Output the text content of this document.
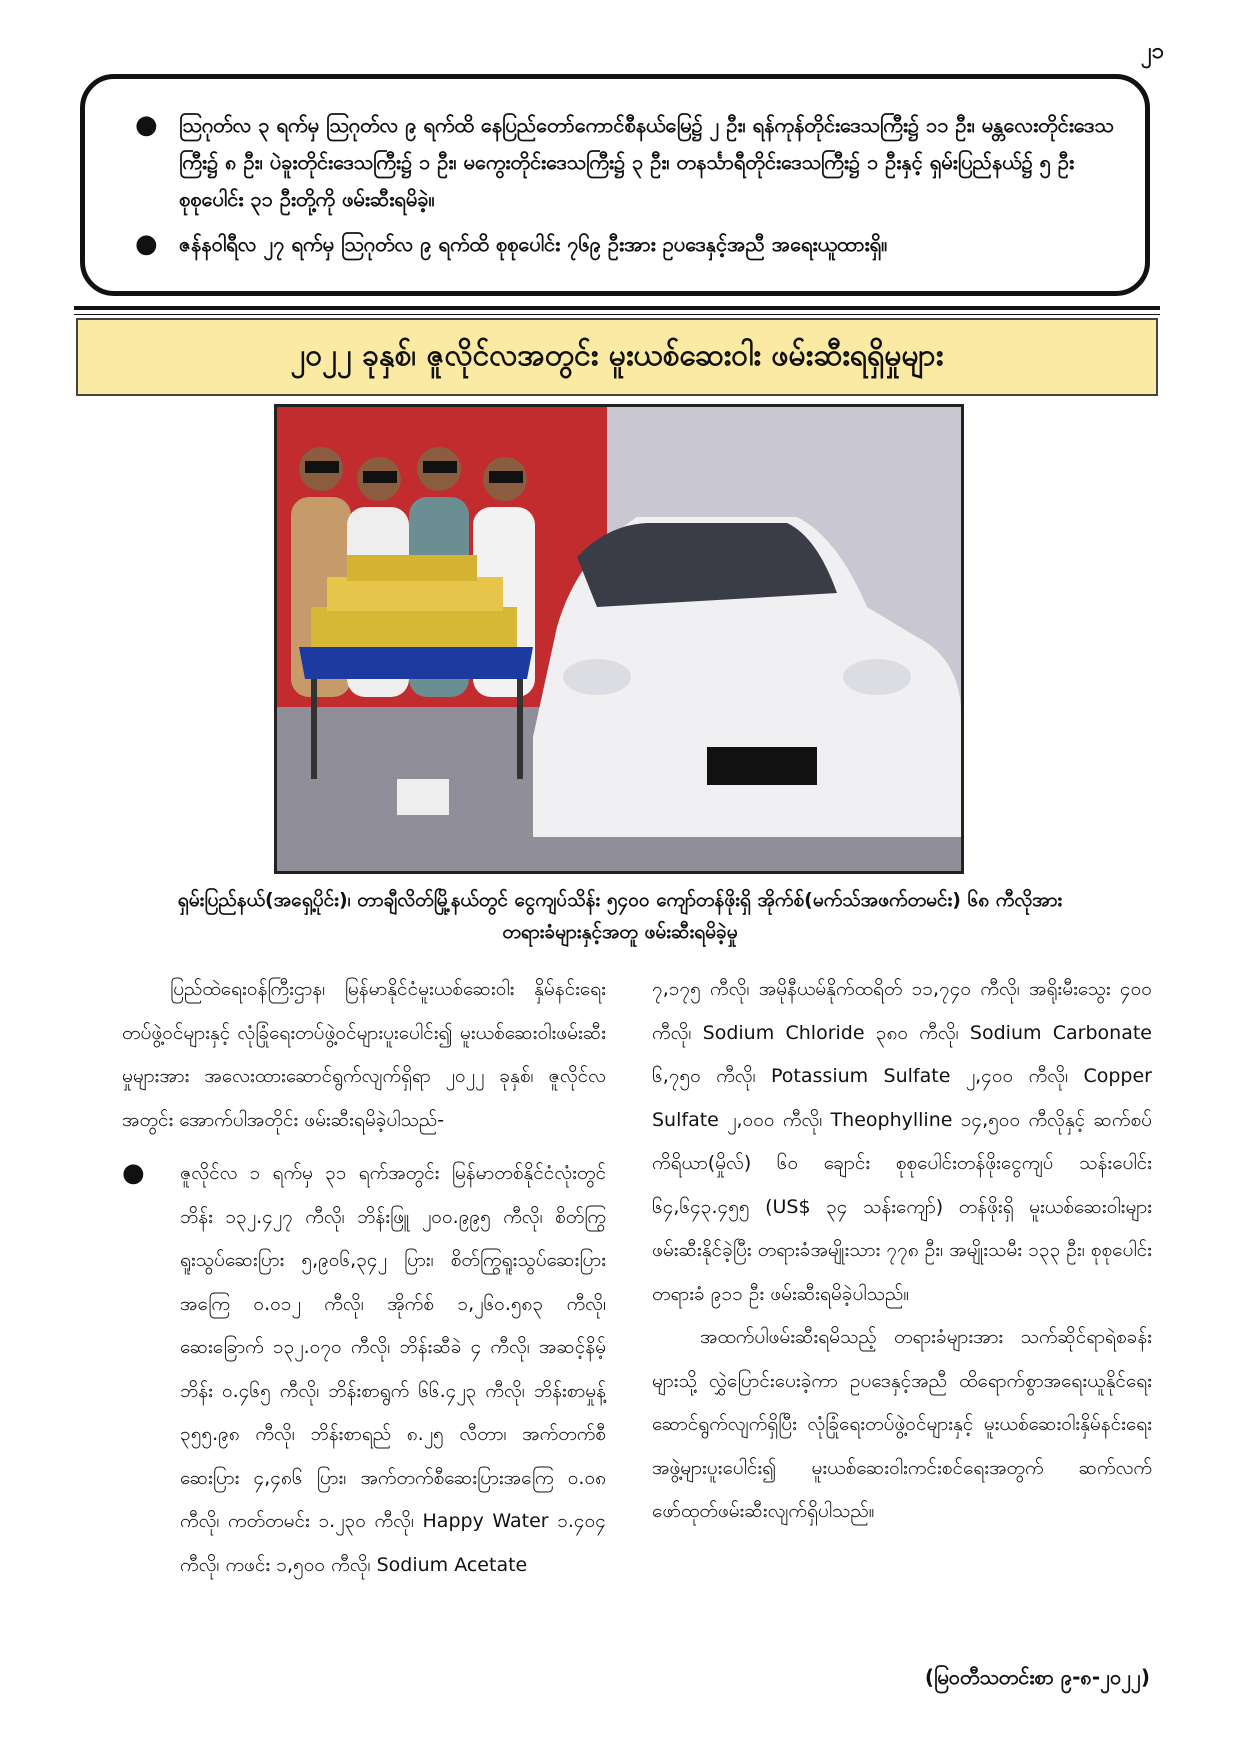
၂၁
● ဩဂုတ်လ ၃ ရက်မှ ဩဂုတ်လ ၉ ရက်ထိ နေပြည်တော်ကောင်စီနယ်မြေ၌ ၂ ဦး၊ ရန်ကုန်တိုင်းဒေသကြီး၌ ၁၁ ဦး၊ မန္တလေးတိုင်းဒေသကြီး၌ ၈ ဦး၊ ပဲခူးတိုင်းဒေသကြီး၌ ၁ ဦး၊ မကွေးတိုင်းဒေသကြီး၌ ၃ ဦး၊ တနင်္သာရီတိုင်းဒေသကြီး၌ ၁ ဦးနှင့် ရှမ်းပြည်နယ်၌ ၅ ဦး စုစုပေါင်း ၃၁ ဦးတို့ကို ဖမ်းဆီးရမိခဲ့။
● ဇန်နဝါရီလ ၂၇ ရက်မှ ဩဂုတ်လ ၉ ရက်ထိ စုစုပေါင်း ၇၆၉ ဦးအား ဥပဒေနှင့်အညီ အရေးယူထားရှိ။
၂၀၂၂ ခုနှစ်၊ ဇူလိုင်လအတွင်း မူးယစ်ဆေးဝါး ဖမ်းဆီးရရှိမှုများ
ရှမ်းပြည်နယ်(အရှေ့ပိုင်း)၊ တာချီလိတ်မြို့နယ်တွင် ငွေကျပ်သိန်း ၅၄၀၀ ကျော်တန်ဖိုးရှိ အိုက်စ်(မက်သ်အဖက်တမင်း) ၆၈ ကီလိုအား
တရားခံများနှင့်အတူ ဖမ်းဆီးရမိခဲ့မှု

ပြည်ထဲရေးဝန်ကြီးဌာန၊ မြန်မာနိုင်ငံမူးယစ်ဆေးဝါး နှိမ်နင်းရေးတပ်ဖွဲ့ဝင်များနှင့် လုံခြုံရေးတပ်ဖွဲ့ဝင်များပူးပေါင်း၍ မူးယစ်ဆေးဝါးဖမ်းဆီးမှုများအား အလေးထားဆောင်ရွက်လျက်ရှိရာ ၂၀၂၂ ခုနှစ်၊ ဇူလိုင်လအတွင်း အောက်ပါအတိုင်း ဖမ်းဆီးရမိခဲ့ပါသည်-

● ဇူလိုင်လ ၁ ရက်မှ ၃၁ ရက်အတွင်း မြန်မာတစ်နိုင်ငံလုံးတွင် ဘိန်း ၁၃၂.၄၂၇ ကီလို၊ ဘိန်းဖြူ ၂၀၀.၉၉၅ ကီလို၊ စိတ်ကြွရူးသွပ်ဆေးပြား ၅,၉၀၆,၃၄၂ ပြား၊ စိတ်ကြွရူးသွပ်ဆေးပြားအကြေ ၀.၀၁၂ ကီလို၊ အိုက်စ် ၁,၂၆၀.၅၈၃ ကီလို၊ ဆေးခြောက် ၁၃၂.၀၇၀ ကီလို၊ ဘိန်းဆီခဲ ၄ ကီလို၊ အဆင့်နိမ့်ဘိန်း ၀.၄၆၅ ကီလို၊ ဘိန်းစာရွက် ၆၆.၄၂၃ ကီလို၊ ဘိန်းစာမှုန့် ၃၅၅.၉၈ ကီလို၊ ဘိန်းစာရည် ၈.၂၅ လီတာ၊ အက်တက်စီဆေးပြား ၄,၄၈၆ ပြား၊ အက်တက်စီဆေးပြားအကြေ ၀.၀၈ ကီလို၊ ကတ်တမင်း ၁.၂၃၀ ကီလို၊ Happy Water ၁.၄၀၄ ကီလို၊ ကဖင်း ၁,၅၀၀ ကီလို၊ Sodium Acetate

၇,၁၇၅ ကီလို၊ အမိုနီယမ်နိုက်ထရိတ် ၁၁,၇၄၀ ကီလို၊ အရိုးမီးသွေး ၄၀၀ ကီလို၊ Sodium Chloride ၃၈၀ ကီလို၊ Sodium Carbonate ၆,၇၅၀ ကီလို၊ Potassium Sulfate ၂,၄၀၀ ကီလို၊ Copper Sulfate ၂,၀၀၀ ကီလို၊ Theophylline ၁၄,၅၀၀ ကီလိုနှင့် ဆက်စပ်ကိရိယာ(မှိုလ်) ၆၀ ချောင်း စုစုပေါင်းတန်ဖိုးငွေကျပ် သန်းပေါင်း ၆၄,၆၄၃.၄၅၅ (US$ ၃၄ သန်းကျော်) တန်ဖိုးရှိ မူးယစ်ဆေးဝါးများ ဖမ်းဆီးနိုင်ခဲ့ပြီး တရားခံအမျိုးသား ၇၇၈ ဦး၊ အမျိုးသမီး ၁၃၃ ဦး၊ စုစုပေါင်းတရားခံ ၉၁၁ ဦး ဖမ်းဆီးရမိခဲ့ပါသည်။

အထက်ပါဖမ်းဆီးရမိသည့် တရားခံများအား သက်ဆိုင်ရာရဲစခန်းများသို့ လွှဲပြောင်းပေးခဲ့ကာ ဥပဒေနှင့်အညီ ထိရောက်စွာအရေးယူနိုင်ရေး ဆောင်ရွက်လျက်ရှိပြီး လုံခြုံရေးတပ်ဖွဲ့ဝင်များနှင့် မူးယစ်ဆေးဝါးနှိမ်နင်းရေးအဖွဲ့များပူးပေါင်း၍ မူးယစ်ဆေးဝါးကင်းစင်ရေးအတွက် ဆက်လက်ဖော်ထုတ်ဖမ်းဆီးလျက်ရှိပါသည်။

(မြဝတီသတင်းစာ ၉-၈-၂၀၂၂)
